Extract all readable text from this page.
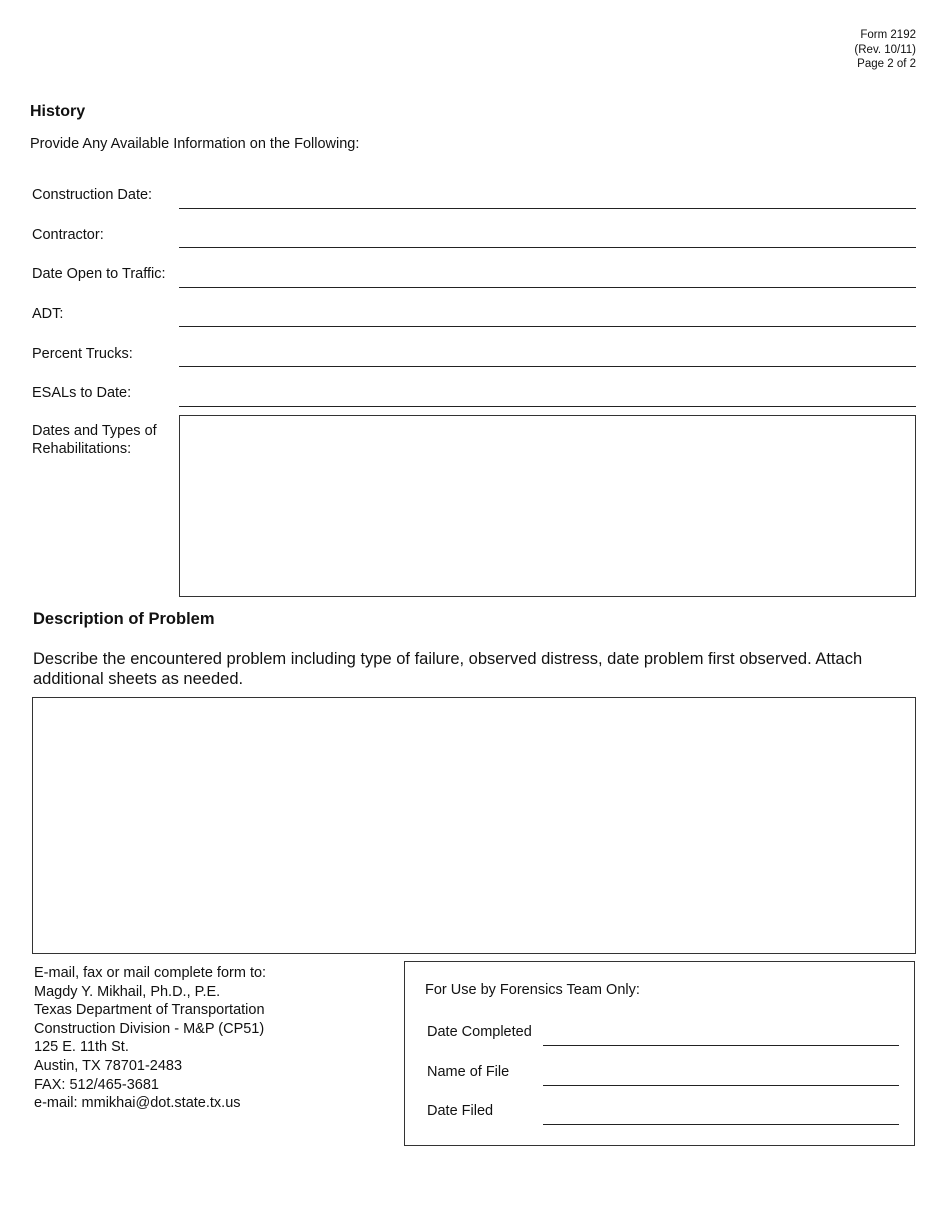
Form 2192
(Rev. 10/11)
Page 2 of 2
History
Provide Any Available Information on the Following:
Construction Date:
Contractor:
Date Open to Traffic:
ADT:
Percent Trucks:
ESALs to Date:
Dates and Types of
Rehabilitations:
Description of Problem
Describe the encountered problem including type of failure, observed distress, date problem first observed. Attach additional sheets as needed.
E-mail, fax or mail complete form to:
Magdy Y. Mikhail, Ph.D., P.E.
Texas Department of Transportation
Construction Division - M&P (CP51)
125 E. 11th St.
Austin, TX 78701-2483
FAX: 512/465-3681
e-mail: mmikhai@dot.state.tx.us
For Use by Forensics Team Only:
Date Completed
Name of File
Date Filed
